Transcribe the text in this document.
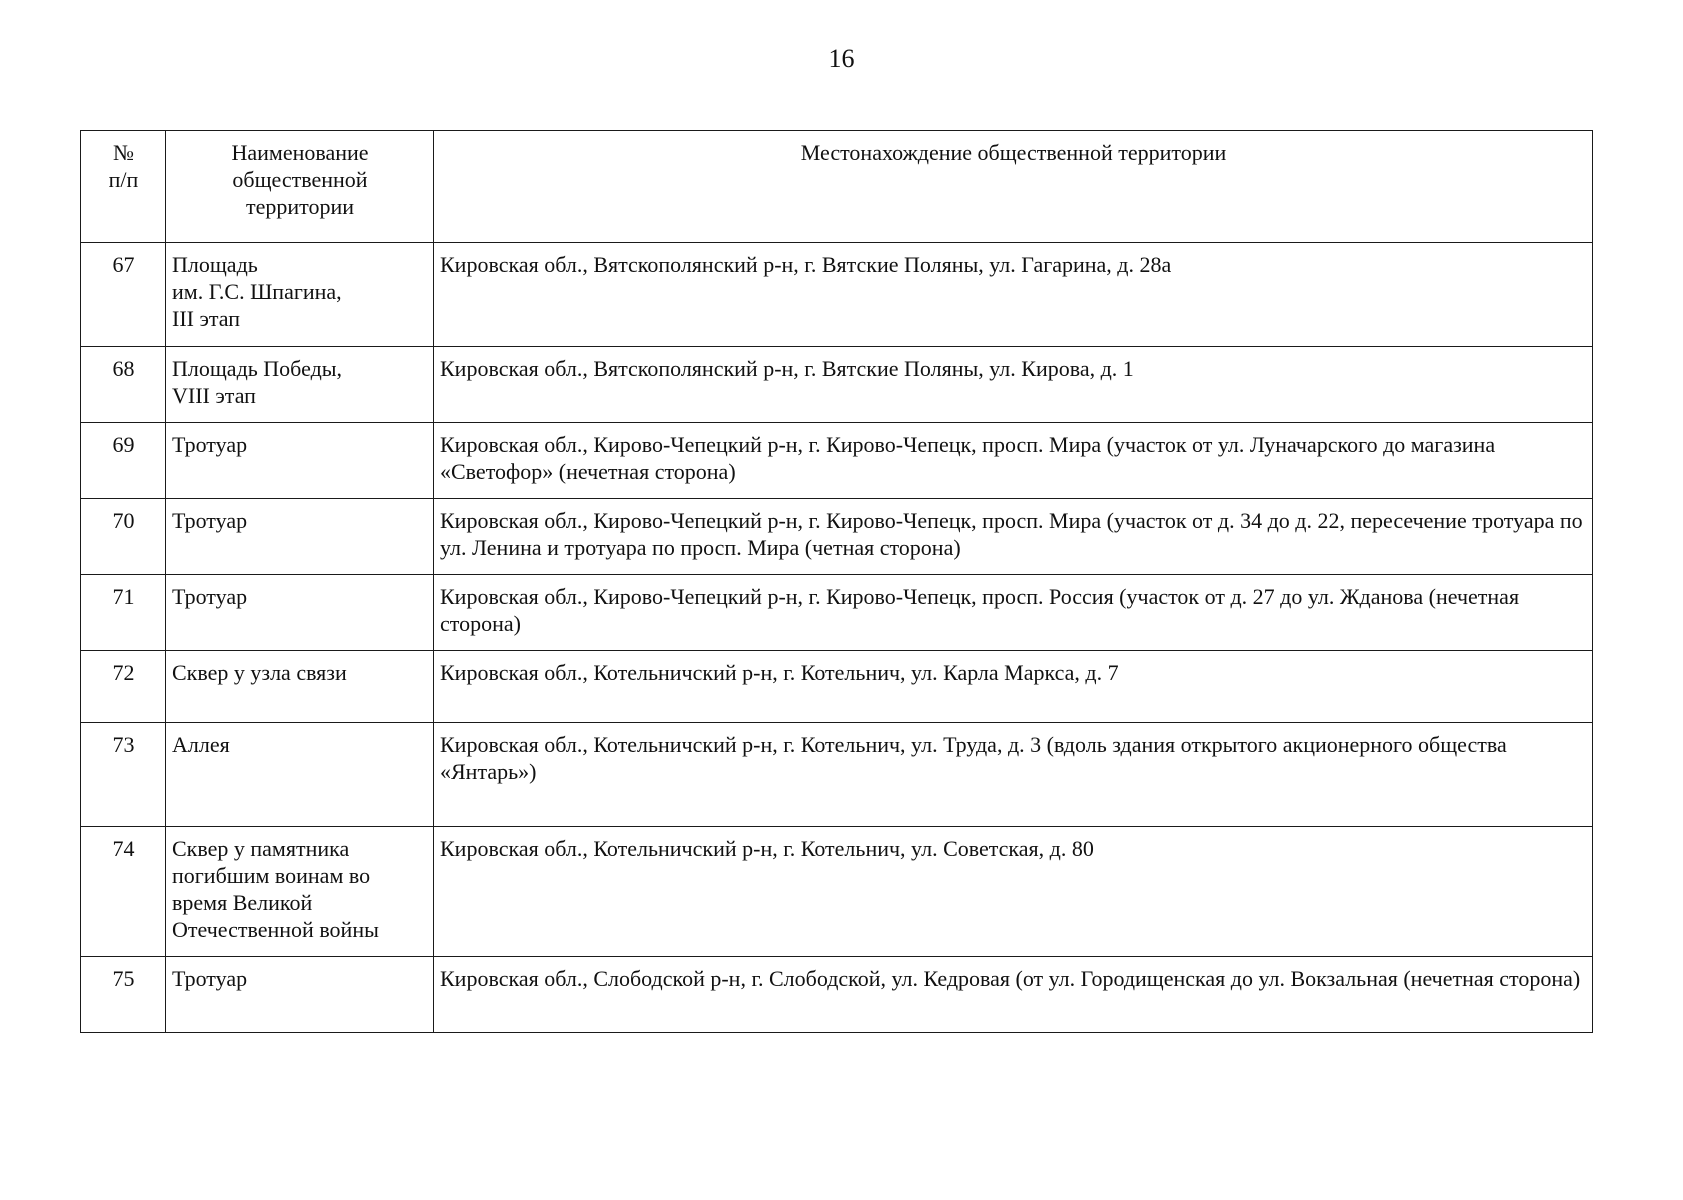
16
№
п/п	Наименование
общественной
территории	Местонахождение общественной территории
67	Площадь
им. Г.С. Шпагина,
III этап	Кировская обл., Вятскополянский р-н, г. Вятские Поляны, ул. Гагарина, д. 28а
68	Площадь Победы,
VIII этап	Кировская обл., Вятскополянский р-н, г. Вятские Поляны, ул. Кирова, д. 1
69	Тротуар	Кировская обл., Кирово-Чепецкий р-н, г. Кирово-Чепецк, просп. Мира (участок от ул. Луначарского до магазина «Светофор» (нечетная сторона)
70	Тротуар	Кировская обл., Кирово-Чепецкий р-н, г. Кирово-Чепецк, просп. Мира (участок от д. 34 до д. 22, пересечение тротуара по ул. Ленина и тротуара по просп. Мира (четная сторона)
71	Тротуар	Кировская обл., Кирово-Чепецкий р-н, г. Кирово-Чепецк, просп. Россия (участок от д. 27 до ул. Жданова (нечетная сторона)
72	Сквер у узла связи	Кировская обл., Котельничский р-н, г. Котельнич, ул. Карла Маркса, д. 7
73	Аллея	Кировская обл., Котельничский р-н, г. Котельнич, ул. Труда, д. 3 (вдоль здания открытого акционерного общества «Янтарь»)
74	Сквер у памятника
погибшим воинам во
время Великой
Отечественной войны	Кировская обл., Котельничский р-н, г. Котельнич, ул. Советская, д. 80
75	Тротуар	Кировская обл., Слободской р-н, г. Слободской, ул. Кедровая (от ул. Городищенская до ул. Вокзальная (нечетная сторона)
